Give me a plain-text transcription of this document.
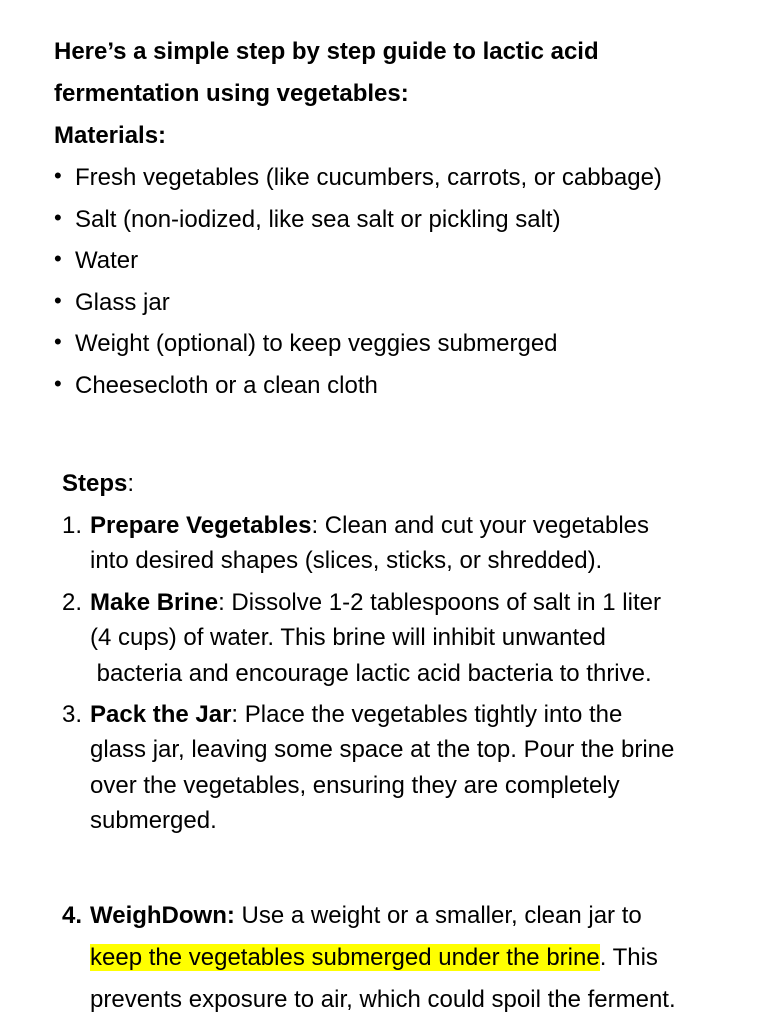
Here’s a simple step by step guide to lactic acid
fermentation using vegetables:
Materials:
• Fresh vegetables (like cucumbers, carrots, or cabbage)
• Salt (non-iodized, like sea salt or pickling salt)
• Water
• Glass jar
• Weight (optional) to keep veggies submerged
• Cheesecloth or a clean cloth
Steps:
1. Prepare Vegetables: Clean and cut your vegetables
into desired shapes (slices, sticks, or shredded).
2. Make Brine: Dissolve 1-2 tablespoons of salt in 1 liter
(4 cups) of water. This brine will inhibit unwanted
bacteria and encourage lactic acid bacteria to thrive.
3. Pack the Jar: Place the vegetables tightly into the
glass jar, leaving some space at the top. Pour the brine
over the vegetables, ensuring they are completely
submerged.
4. WeighDown: Use a weight or a smaller, clean jar to
keep the vegetables submerged under the brine. This
prevents exposure to air, which could spoil the ferment.
